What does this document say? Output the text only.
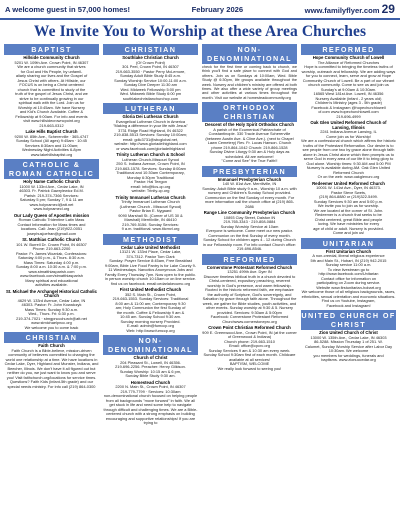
A welcome guest in 57,000 homes!	February 2026	www.familyflyer.com 29
We Invite You to Worship at these Area Churches
BAPTIST
Hillside Community Church
5201 W. 109th Ave. Crown Point, IN 46307
We are a church community that strives
for God and His People, by unfamil-
aliarly sharing our lives and the Gospel of
Jesus Christ with others. At Hillside, our
FOCUS is on being a Christ centered
church that is committed to study of the
truth of the gospel of Jesus Christ, and we
strive to be continually growing in our
spiritual walk with the Lord. Join us for
Worship at 10:45am. We have Nursery
and Kid's Church Available. Coffee &
Fellowship at 9:00am. For info and events
visit www.hillsidecrowncpoint.org
219-663-0312
Lake Hills Baptist Church
9200 W. 85th Ave., Schererville · 365-4747
Sunday School (All ages) 9:45am · 10:45
Services 8:30am and 11:00am;
Wednesday Night Activities 6-8pm
www.lakehillsbaptist.org
CATHOLIC & ROMAN CATHOLIC
Holy Name Catholic Church
11000 W. 133rd Ave., Cedar Lake, IN
46303. Fr. Patrick Gawrylewicz Ed.M.
Parish: 219-374-7366 Services:
Saturday 5 pm; Sunday 7, 9 & 11 am
www.holynamecl@att.net
www.holynamecl.org
Our Lady Queen of Apostles mission
Roman Catholic Tridentine Latin Mass
Contact Information for Mass times and
locations. Call: Jean (219)922-0051
josephusjoefran@gmail.com
St. Matthias Catholic Church
101 W. Burrell Dr. Crown Point, IN 46307
Phone: 219-663-2200
Pastor: Fr. James Wozniak, Confessions:
Saturday 4:00 p.m., & Thurs. 8:30 a.m.
Mass Times: Saturday 4:00 p.m.
Sunday 8:00 a.m. 10:30 a.m. & 7:00 p.m.
www.stmatthiasparish.com
www.facebook.com/stmatthiasparish
Many spiritual and educational
activities available.
St. Michael the Archangel Historical Catholic Church
4629 W. 133rd Avenue, Cedar Lake, IN
46303. Pastor: Fr. John Kowalczyk
Mass Times: Sunday 9:30 a.m.
Wed., Thurs. Fri: 6:30 p.m.
219-374-7021 · stmgpnccchurch@att.net
www.stmichaelpncc.org
We welcome you to come back
CHRISTIAN
Faith Church
Faith Church is a Bible-believe, mission-driven community of believers committed to changing the world one relationship at a time. We have locations in Cedar Lake, Dyer, Highland and Munster, Indiana, and Beecher, Illinois. We don't have it all figured out but neither do you, we just want to know you and serve you! Visit faithchurch.org/locations for service times. Questions? Faith Kids (infant-5th grade) and our special needs ministry. For info call (219) 864-0300
CHRISTIAN
Southlake Christian Church
(Of Crown Point)
301 Peel, Crown Point, IN 46307
219-663-3550 · Pastor Perry McLemore,
Sunday Adult Bible Study 8:45 a.m.
Sunday Worship Service 10:00-11:00 a.m.
Sunday Dive Deeper 11:30 am
Wed. Midweek Fellowship 5:00 pm
Wed. Midweek Bible Study 6:00 pm
southlakechristianchurchcp.com
LUTHERAN
Gloria Dei Lutheran Church
Evangelical Lutheran Church in America
"Making a difference in your life with Jesus"
3731 Ridge Road Highland, IN 46322
219-838-5513 Services: Sunday 10:00am;
email: gdlc3731@sbcglobal.net,
website: http://www.gloriadeihighland.com
or www.facebook.com/gloriadeihighland
Trinity Lutheran Church & School
Lutheran Church-Missouri Synod
250 S. Indiana Avenue, Crown Point, IN
219-663-1578. Services: Sunday 8:00am
Traditional and 10:30am Contemporary,
Monday 6:30pm Traditional
Pastor: Hal Teegon
email: info@tlcs-cp.org
website: Trinity-cp.org
Trinity Immanuel Lutheran Church
Trinity Immanuel Lutheran Church
(Lutheran Church - Missouri Synod)
Pastor Brian E. Nygaard
9090 Marshall St. (Corner of US 30 &
Marshall) Merrillville, IN 46410
219-769-5156. Sunday Services:
9 a.m. traditional. www.tilcmvl.org
METHODIST
Cedar Lake United Methodist
13121 W. 133rd Place, Cedar Lake,
374-7312. Pastor Tom Clark
Sunday: Prayer Service 8:45am, Free Breakfast 9:00am, Bible Live Food Pantry is for Lake County 9-11 Wednesdays. Narcotics Anonymous Jobs and Family Every Thursday 7pm. Now open to the public. in person worship church 10:15am or on line service. find us on facebook. email:cedarlakecumc.org
First United Methodist Church
352 S. Main St., Crown Point,
219-663-1553. Sunday Services: Traditional
8:00 am & 11:00 am; Contemporary 9:30
am; Holy Communion the first Sunday of
the month. Coffee & Fellowship 9 am &
10:45 am. Sunday School 9:30 am.
Sunday morning nursery Provided.
E-mail: admin@fumccp.org
Web: http://www.fumccp.org
NON-DENOMINATIONAL
Church of Christ
204 Pleasant St., Lowell, IN 46356.
219-696-2256. Preacher: Henry Gilkison.
Sunday Worship: 10:15 am & 6 pm,
Sunday Bible Study 9:30 am.
Homestead Church
2200 N. Main St., Crown Point, IN 46307
219-779-7799 · Services: 10:30am
non-denominational church focused on helping people from all backgrounds "move forward" in faith. We all get stuck in life and need some help to navigate through difficult and challenging times. We are a Bible-centered church with a strong emphasis on building encouraging and supportive relationships! If you are trying to
NON-DENOMINATIONAL
check for the first time or coming back to church, we think you'll find a safe place to connect with God and others. Join us on Sundays at 10:00am, Wed. Bible Study @ 6:30pm, life groups available throughout the week. Nursery and children's ministry are offered at both times. We also offer a wide variety of group meetings and other activities at various times throughout the month. Visit our website at homesteadcommunity.org
ORTHODOX CHRISTIAN
Descent of the Holy Spirit Orthodox Church
A parish of the Ecumenical Patriarchate of Constantinople. 330 Tracie Avenue Schererville (between Austin Ave. & Cline Ave.). (next to Chapel Lawn Cemetery) Rev. Fr. Lucas Hanson. Church phone 219-864-1042 Church: 219-866-1528
Sunday Divine Liturgy 9:30 am & Holy days as scheduled. All are welcome!
"Come and See" the True Faith!!
PRESBYTERIAN
Immanuel Presbyterian Church
140 W. 81st Ave. Merrillville, IN
Sunday: Adult Bible study 9 a.m., Worship 10 a.m. with nursery and Children's Sunday School provided. Communion on the first Sunday of every month. For more information call the church office at (219) 865-2686
Range Line Community Presbyterian Church
10893 Clay Street, Dalston IN
219-765-3343 · 219-808-0884
Sunday Worship Service at 10am
Everyone is welcome. Come meet our new pastor. Communion on the first Sunday of every month. Sunday School for children ages 4 - 12 during Church in our Fellowship room. For info contact Church office: 219-696-8546.
REFORMED
Cornerstone Protestant Reformed Church
13251 499th Ave. Dyer IN
Discover timeless biblical truth in a church devoted to Christ-centered, expository preaching, reverent worship in God's presence, and warm fellowship. Rooted in the historic reformed faith, we emphasize the authority of Scripture, God's sovereignty, and Salvation by grace through faith alone. Throughout the week, we gather for Bible studies, youth activities, and other events. Sunday worship at 9:30 & 5. Nursery provided. Services: 9:30am & 5:00pm
Facebook: Cornerstone Protestant Reformed
Churchwww.cornerstoneprc.org
Crown Point Christian Reformed Church
909 E. Greenwood Ave., Crown Point, IN (at the corner of Greenwood & Indiana)
Church phone: 219-663-1510
Email: office@cpcrc.org
Sunday Services 9 am & 10:30 am every week. Sunday School 9:30am first of each month. Childcare available at all services!
BAPTISM, WELCOME
We really look forward to seeing you!
REFORMED
Hope Community Church of Lowell
The Alliance of Reformed Churches
Hope is committed to bringing the timeless truths of worship, outreach and fellowship. We are adding ways for you to connect, learn, serve and grow at Hope Community Church of Lowell. Be a part of our vibrant church community. Come to see us and join us Sunday's at 9:00am & 10:30am.
16565 West 181st Ave. Lowell, IN 46356
Nursery Available (infant - 2 years old)
Children's Ministry (ages 3 - 5th grade)
Facebook & Instagram @hopechurchlowell
cf.com www.hopechurchlowell.com
219-696-4999
Oak Glen United Reformed Church of Lansing, Illinois
2241 Indiana Avenue Lansing, IL
Come join us for Worship!
We are a confessional church which affirms the historic truths of the Protestant Reformation. Our desire is to see people from one two by grace alone through faith alone in Jesus Christ alone which then prompts us to serve God in every area of our life it to bring glory to God alone. Worship times: 9:30 AM and 5:00 PM
Nursery is available during AM. Oak Glen United Reformed Church
Or on the web: www.oakglenurc.org
Redeemer United Reformed Church
10001 W. 141st Ave., Dyer, IN 46373.
Pastor Steve Swets,
(219) 864-8880 or (219)322-5499.
Sunday Services 9:30 am and 5:00 p.m.
We invite you to join us for worship.
We are located at the corner of St. John.
Redeemer is a church that seeks to be
Christ centered, great Bible and people
loving. We have ministries for every
age of child or adult. Nursery is provided.
Come and join us!
UNITARIAN
First Unitarian Church
A non-creedal, liberal religious experience
5th and Main St., Hobart, IN (219) 942-2015
Sunday service 11:00 a.m.
To view livestream go to
http://www.facebook.com/Unitarian
Contact office for information on
participating on Zoom during service.
Website www.firstunitarian-hobart.org
We welcome those of all religious backgrounds, races, ethnicities, sexual orientation and economic situations.
Find us on Youtube, Instagram,
Facebook and Instagram!
UNITED CHURCH OF CHRIST
Zion United Church of Christ
13000 W. 135th Ave., Cedar Lake, IN 46303
86-5288. Mission Thursday 1 of 251. W.
Calumet, Sunday Worship Service after Labor Day 10:30am. We welcome
you members for weddings, funerals and
baptisms. www.zionuccedar.org
